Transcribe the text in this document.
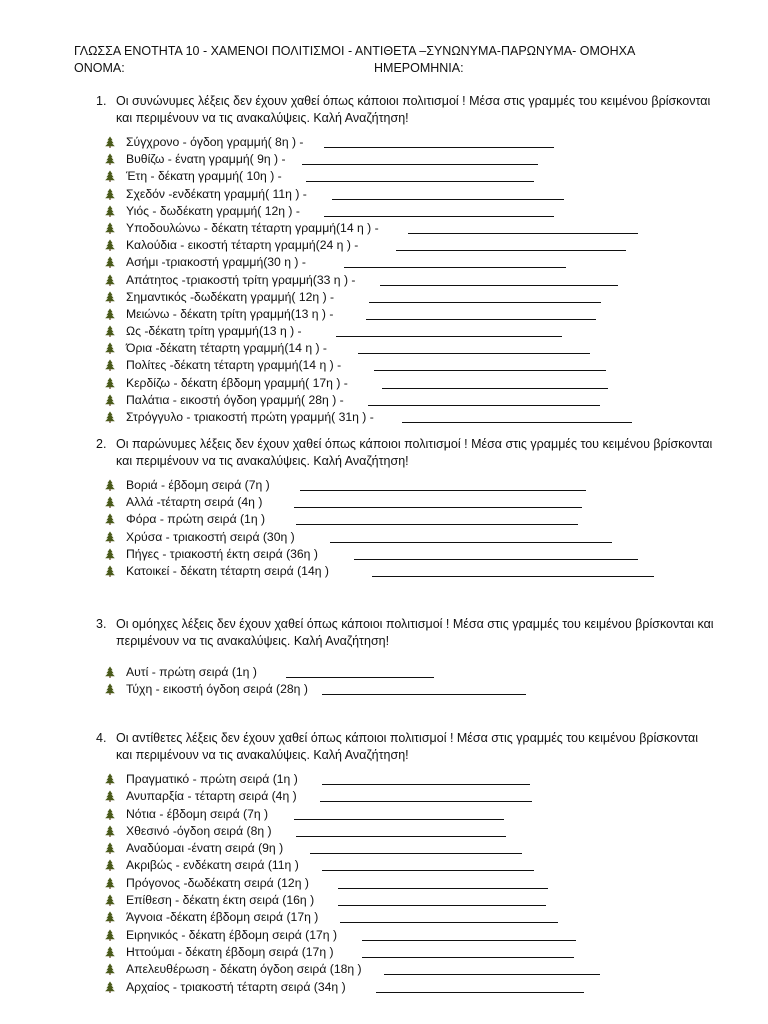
ΓΛΩΣΣΑ ΕΝΟΤΗΤΑ 10 - ΧΑΜΕΝΟΙ ΠΟΛΙΤΙΣΜΟΙ - ΑΝΤΙΘΕΤΑ –ΣΥΝΩΝΥΜΑ-ΠΑΡΩΝΥΜΑ- ΟΜΟΗΧΑ
ΟΝΟΜΑ:	ΗΜΕΡΟΜΗΝΙΑ:
1. Οι συνώνυμες λέξεις δεν έχουν χαθεί όπως κάποιοι πολιτισμοί ! Μέσα στις γραμμές του κειμένου βρίσκονται και περιμένουν να τις ανακαλύψεις. Καλή Αναζήτηση!
Σύγχρονο - όγδοη γραμμή( 8η ) -
Βυθίζω - ένατη γραμμή( 9η ) -
Έτη - δέκατη γραμμή( 10η ) -
Σχεδόν -ενδέκατη γραμμή( 11η ) -
Υιός - δωδέκατη γραμμή( 12η ) -
Υποδουλώνω - δέκατη τέταρτη γραμμή(14 η ) -
Καλούδια - εικοστή τέταρτη γραμμή(24 η ) -
Ασήμι -τριακοστή γραμμή(30 η ) -
Απάτητος -τριακοστή τρίτη γραμμή(33 η ) -
Σημαντικός -δωδέκατη γραμμή( 12η ) -
Μειώνω - δέκατη τρίτη γραμμή(13 η ) -
Ως -δέκατη τρίτη γραμμή(13 η ) -
Όρια -δέκατη τέταρτη γραμμή(14 η ) -
Πολίτες -δέκατη τέταρτη γραμμή(14 η ) -
Κερδίζω - δέκατη έβδομη γραμμή( 17η ) -
Παλάτια - εικοστή όγδοη γραμμή( 28η ) -
Στρόγγυλο - τριακοστή πρώτη γραμμή( 31η ) -
2. Οι παρώνυμες λέξεις δεν έχουν χαθεί όπως κάποιοι πολιτισμοί ! Μέσα στις γραμμές του κειμένου βρίσκονται και περιμένουν να τις ανακαλύψεις. Καλή Αναζήτηση!
Βοριά - έβδομη σειρά (7η )
Αλλά -τέταρτη σειρά (4η )
Φόρα - πρώτη σειρά (1η )
Χρύσα - τριακοστή σειρά (30η )
Πήγες - τριακοστή έκτη σειρά (36η )
Κατοικεί - δέκατη τέταρτη σειρά (14η )
3. Οι ομόηχες λέξεις δεν έχουν χαθεί όπως κάποιοι πολιτισμοί ! Μέσα στις γραμμές του κειμένου βρίσκονται και περιμένουν να τις ανακαλύψεις. Καλή Αναζήτηση!
Αυτί - πρώτη σειρά (1η )
Τύχη - εικοστή όγδοη σειρά (28η )
4. Οι αντίθετες λέξεις δεν έχουν χαθεί όπως κάποιοι πολιτισμοί ! Μέσα στις γραμμές του κειμένου βρίσκονται και περιμένουν να τις ανακαλύψεις. Καλή Αναζήτηση!
Πραγματικό - πρώτη σειρά (1η )
Ανυπαρξία - τέταρτη σειρά (4η )
Νότια - έβδομη σειρά (7η )
Χθεσινό -όγδοη σειρά (8η )
Αναδύομαι -ένατη σειρά (9η )
Ακριβώς - ενδέκατη σειρά (11η )
Πρόγονος -δωδέκατη σειρά (12η )
Επίθεση - δέκατη έκτη σειρά (16η )
Άγνοια -δέκατη έβδομη σειρά (17η )
Ειρηνικός - δέκατη έβδομη σειρά (17η )
Ηττούμαι - δέκατη έβδομη σειρά (17η )
Απελευθέρωση - δέκατη όγδοη σειρά (18η )
Αρχαίος - τριακοστή τέταρτη σειρά (34η )
